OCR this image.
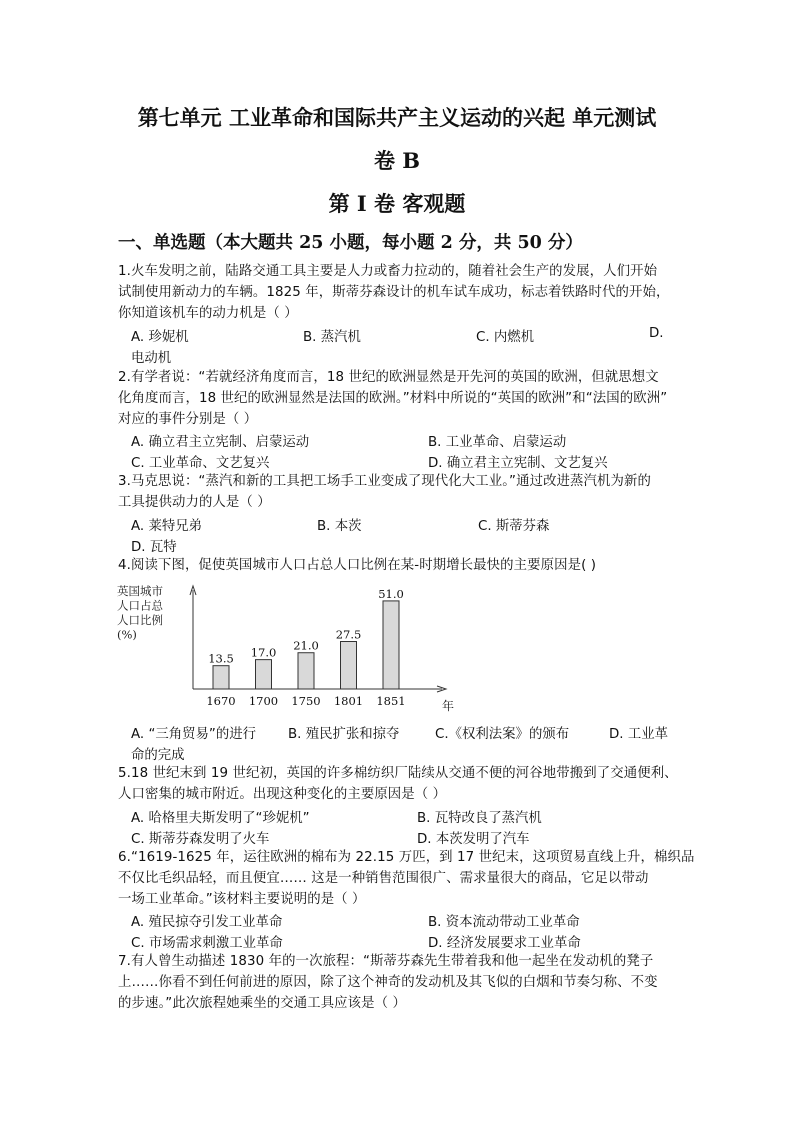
第七单元 工业革命和国际共产主义运动的兴起 单元测试
卷 B
第 I 卷 客观题
一、单选题（本大题共 25 小题，每小题 2 分，共 50 分）
1.火车发明之前，陆路交通工具主要是人力或畜力拉动的，随着社会生产的发展，人们开始
试制使用新动力的车辆。1825 年，斯蒂芬森设计的机车试车成功，标志着铁路时代的开始，
你知道该机车的动力机是（ ）
A. 珍妮机	B. 蒸汽机	C. 内燃机	D.
电动机
2.有学者说：“若就经济角度而言，18 世纪的欧洲显然是开先河的英国的欧洲，但就思想文
化角度而言，18 世纪的欧洲显然是法国的欧洲。”材料中所说的“英国的欧洲”和“法国的欧洲”
对应的事件分别是（ ）
A. 确立君主立宪制、启蒙运动	B. 工业革命、启蒙运动
C. 工业革命、文艺复兴	D. 确立君主立宪制、文艺复兴
3.马克思说：“蒸汽和新的工具把工场手工业变成了现代化大工业。”通过改进蒸汽机为新的
工具提供动力的人是（ ）
A. 莱特兄弟	B. 本茨	C. 斯蒂芬森
D. 瓦特
4.阅读下图，促使英国城市人口占总人口比例在某-时期增长最快的主要原因是( )
英国城市
人口占总
人口比例
(%)
年
13.5
1670
17.0
1700
21.0
1750
27.5
1801
51.0
1851
A. “三角贸易”的进行 B. 殖民扩张和掠夺	C.《权利法案》的颁布	D. 工业革
命的完成
5.18 世纪末到 19 世纪初，英国的许多棉纺织厂陆续从交通不便的河谷地带搬到了交通便利、
人口密集的城市附近。出现这种变化的主要原因是（ ）
A. 哈格里夫斯发明了“珍妮机”	B. 瓦特改良了蒸汽机
C. 斯蒂芬森发明了火车	D. 本茨发明了汽车
6.“1619-1625 年，运往欧洲的棉布为 22.15 万匹，到 17 世纪末，这项贸易直线上升，棉织品
不仅比毛织品轻，而且便宜…… 这是一种销售范围很广、需求量很大的商品，它足以带动
一场工业革命。”该材料主要说明的是（ ）
A. 殖民掠夺引发工业革命	B. 资本流动带动工业革命
C. 市场需求刺激工业革命	D. 经济发展要求工业革命
7.有人曾生动描述 1830 年的一次旅程：“斯蒂芬森先生带着我和他一起坐在发动机的凳子
上……你看不到任何前进的原因，除了这个神奇的发动机及其飞似的白烟和节奏匀称、不变
的步速。”此次旅程她乘坐的交通工具应该是（ ）
